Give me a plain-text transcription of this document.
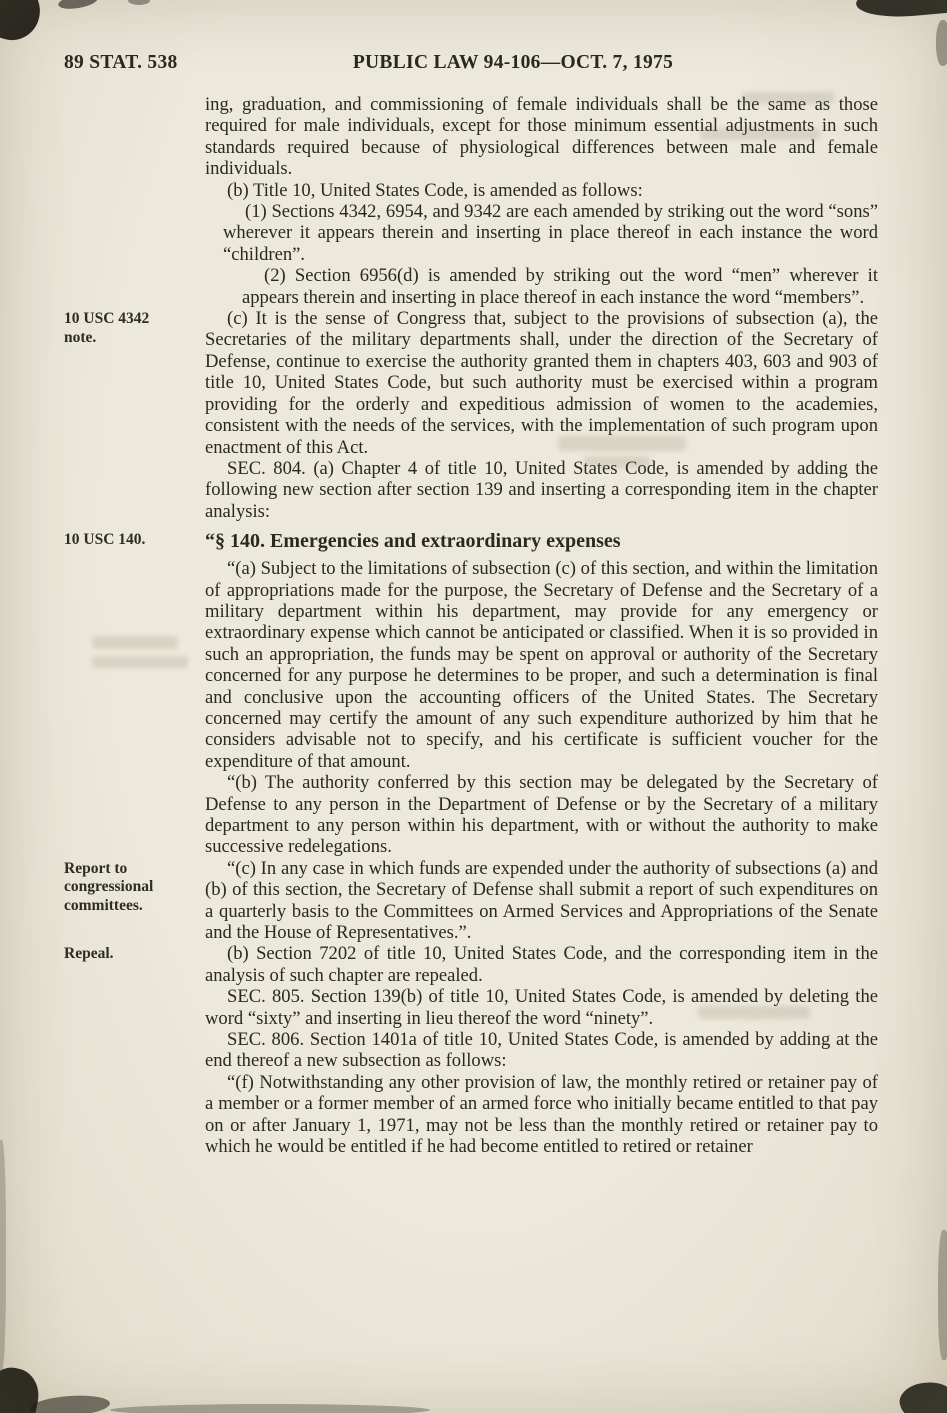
89 STAT. 538	PUBLIC LAW 94-106—OCT. 7, 1975

ing, graduation, and commissioning of female individuals shall be the same as those required for male individuals, except for those minimum essential adjustments in such standards required because of physiological differences between male and female individuals.

(b) Title 10, United States Code, is amended as follows:

(1) Sections 4342, 6954, and 9342 are each amended by striking out the word “sons” wherever it appears therein and inserting in place thereof in each instance the word “children”.

(2) Section 6956(d) is amended by striking out the word “men” wherever it appears therein and inserting in place thereof in each instance the word “members”.

10 USC 4342 note.

(c) It is the sense of Congress that, subject to the provisions of subsection (a), the Secretaries of the military departments shall, under the direction of the Secretary of Defense, continue to exercise the authority granted them in chapters 403, 603 and 903 of title 10, United States Code, but such authority must be exercised within a program providing for the orderly and expeditious admission of women to the academies, consistent with the needs of the services, with the implementation of such program upon enactment of this Act.

SEC. 804. (a) Chapter 4 of title 10, United States Code, is amended by adding the following new section after section 139 and inserting a corresponding item in the chapter analysis:

10 USC 140.	“§ 140. Emergencies and extraordinary expenses

“(a) Subject to the limitations of subsection (c) of this section, and within the limitation of appropriations made for the purpose, the Secretary of Defense and the Secretary of a military department within his department, may provide for any emergency or extraordinary expense which cannot be anticipated or classified. When it is so provided in such an appropriation, the funds may be spent on approval or authority of the Secretary concerned for any purpose he determines to be proper, and such a determination is final and conclusive upon the accounting officers of the United States. The Secretary concerned may certify the amount of any such expenditure authorized by him that he considers advisable not to specify, and his certificate is sufficient voucher for the expenditure of that amount.

“(b) The authority conferred by this section may be delegated by the Secretary of Defense to any person in the Department of Defense or by the Secretary of a military department to any person within his department, with or without the authority to make successive redelegations.

Report to congressional committees.

“(c) In any case in which funds are expended under the authority of subsections (a) and (b) of this section, the Secretary of Defense shall submit a report of such expenditures on a quarterly basis to the Committees on Armed Services and Appropriations of the Senate and the House of Representatives.”.

Repeal.	(b) Section 7202 of title 10, United States Code, and the corresponding item in the analysis of such chapter are repealed.

SEC. 805. Section 139(b) of title 10, United States Code, is amended by deleting the word “sixty” and inserting in lieu thereof the word “ninety”.

SEC. 806. Section 1401a of title 10, United States Code, is amended by adding at the end thereof a new subsection as follows:

“(f) Notwithstanding any other provision of law, the monthly retired or retainer pay of a member or a former member of an armed force who initially became entitled to that pay on or after January 1, 1971, may not be less than the monthly retired or retainer pay to which he would be entitled if he had become entitled to retired or retainer
